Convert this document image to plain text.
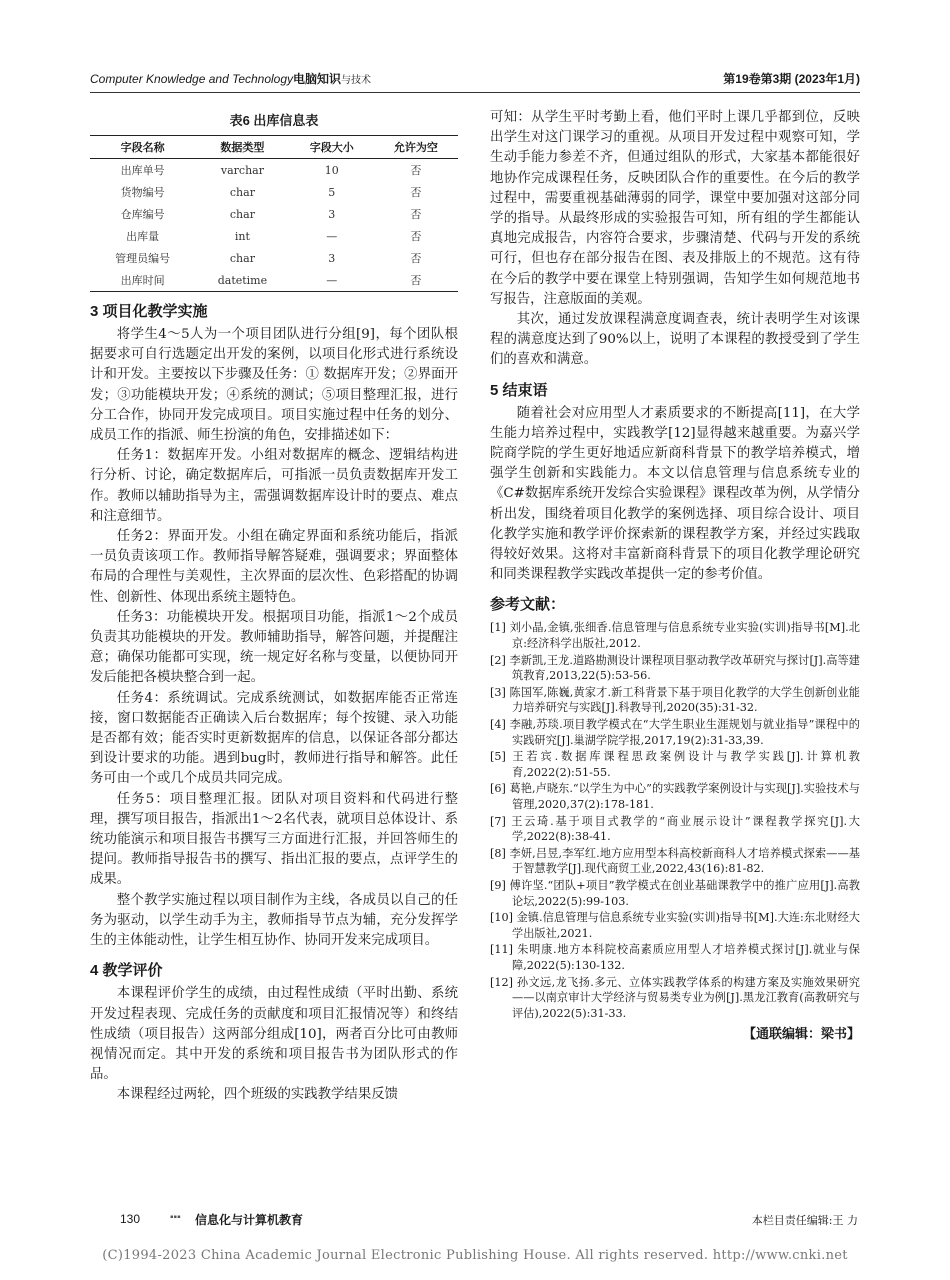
Computer Knowledge and Technology电脑知识与技术	第19卷第3期 (2023年1月)
表6 出库信息表
字段名称	数据类型	字段大小	允许为空
出库单号	varchar	10	否
货物编号	char	5	否
仓库编号	char	3	否
出库量	int	—	否
管理员编号	char	3	否
出库时间	datetime	—	否
3 项目化教学实施

将学生4～5人为一个项目团队进行分组[9]，每个团队根据要求可自行选题定出开发的案例，以项目化形式进行系统设计和开发。主要按以下步骤及任务：① 数据库开发；②界面开发；③功能模块开发；④系统的测试；⑤项目整理汇报，进行分工合作，协同开发完成项目。项目实施过程中任务的划分、成员工作的指派、师生扮演的角色，安排描述如下：

任务1：数据库开发。小组对数据库的概念、逻辑结构进行分析、讨论，确定数据库后，可指派一员负责数据库开发工作。教师以辅助指导为主，需强调数据库设计时的要点、难点和注意细节。

任务2：界面开发。小组在确定界面和系统功能后，指派一员负责该项工作。教师指导解答疑难，强调要求；界面整体布局的合理性与美观性，主次界面的层次性、色彩搭配的协调性、创新性、体现出系统主题特色。

任务3：功能模块开发。根据项目功能，指派1～2个成员负责其功能模块的开发。教师辅助指导，解答问题，并提醒注意；确保功能都可实现，统一规定好名称与变量，以便协同开发后能把各模块整合到一起。

任务4：系统调试。完成系统测试，如数据库能否正常连接，窗口数据能否正确读入后台数据库；每个按键、录入功能是否都有效；能否实时更新数据库的信息，以保证各部分都达到设计要求的功能。遇到bug时，教师进行指导和解答。此任务可由一个或几个成员共同完成。

任务5：项目整理汇报。团队对项目资料和代码进行整理，撰写项目报告，指派出1～2名代表，就项目总体设计、系统功能演示和项目报告书撰写三方面进行汇报，并回答师生的提问。教师指导报告书的撰写、指出汇报的要点，点评学生的成果。

整个教学实施过程以项目制作为主线，各成员以自己的任务为驱动，以学生动手为主，教师指导节点为辅，充分发挥学生的主体能动性，让学生相互协作、协同开发来完成项目。

4 教学评价

本课程评价学生的成绩，由过程性成绩（平时出勤、系统开发过程表现、完成任务的贡献度和项目汇报情况等）和终结性成绩（项目报告）这两部分组成[10]，两者百分比可由教师视情况而定。其中开发的系统和项目报告书为团队形式的作品。

本课程经过两轮，四个班级的实践教学结果反馈

可知：从学生平时考勤上看，他们平时上课几乎都到位，反映出学生对这门课学习的重视。从项目开发过程中观察可知，学生动手能力参差不齐，但通过组队的形式，大家基本都能很好地协作完成课程任务，反映团队合作的重要性。在今后的教学过程中，需要重视基础薄弱的同学，课堂中要加强对这部分同学的指导。从最终形成的实验报告可知，所有组的学生都能认真地完成报告，内容符合要求，步骤清楚、代码与开发的系统可行，但也存在部分报告在图、表及排版上的不规范。这有待在今后的教学中要在课堂上特别强调，告知学生如何规范地书写报告，注意版面的美观。

其次，通过发放课程满意度调查表，统计表明学生对该课程的满意度达到了90%以上，说明了本课程的教授受到了学生们的喜欢和满意。

5 结束语

随着社会对应用型人才素质要求的不断提高[11]，在大学生能力培养过程中，实践教学[12]显得越来越重要。为嘉兴学院商学院的学生更好地适应新商科背景下的教学培养模式，增强学生创新和实践能力。本文以信息管理与信息系统专业的《C#数据库系统开发综合实验课程》课程改革为例，从学情分析出发，围绕着项目化教学的案例选择、项目综合设计、项目化教学实施和教学评价探索新的课程教学方案，并经过实践取得较好效果。这将对丰富新商科背景下的项目化教学理论研究和同类课程教学实践改革提供一定的参考价值。

参考文献：

[1] 刘小晶,金镇,张细香.信息管理与信息系统专业实验(实训)指导书[M].北京:经济科学出版社,2012.

[2] 李新凯,王龙.道路勘测设计课程项目驱动教学改革研究与探讨[J].高等建筑教育,2013,22(5):53-56.

[3] 陈国军,陈巍,黄家才.新工科背景下基于项目化教学的大学生创新创业能力培养研究与实践[J].科教导刊,2020(35):31-32.

[4] 李融,苏琰.项目教学模式在“大学生职业生涯规划与就业指导”课程中的实践研究[J].巢湖学院学报,2017,19(2):31-33,39.

[5] 王若宾.数据库课程思政案例设计与教学实践[J].计算机教育,2022(2):51-55.

[6] 葛艳,卢晓东.“以学生为中心”的实践教学案例设计与实现[J].实验技术与管理,2020,37(2):178-181.

[7] 王云琦.基于项目式教学的“商业展示设计”课程教学探究[J].大学,2022(8):38-41.

[8] 李妍,吕昱,李军红.地方应用型本科高校新商科人才培养模式探索——基于智慧教学[J].现代商贸工业,2022,43(16):81-82.

[9] 傅许坚.“团队+项目”教学模式在创业基础课教学中的推广应用[J].高教论坛,2022(5):99-103.

[10] 金镇.信息管理与信息系统专业实验(实训)指导书[M].大连:东北财经大学出版社,2021.

[11] 朱明康.地方本科院校高素质应用型人才培养模式探讨[J].就业与保障,2022(5):130-132.

[12] 孙文远,龙飞扬.多元、立体实践教学体系的构建方案及实施效果研究——以南京审计大学经济与贸易类专业为例[J].黑龙江教育(高教研究与评估),2022(5):31-33.

【通联编辑：梁书】
130	▪▪▪ 信息化与计算机教育	本栏目责任编辑:王 力
(C)1994-2023 China Academic Journal Electronic Publishing House. All rights reserved. http://www.cnki.net
